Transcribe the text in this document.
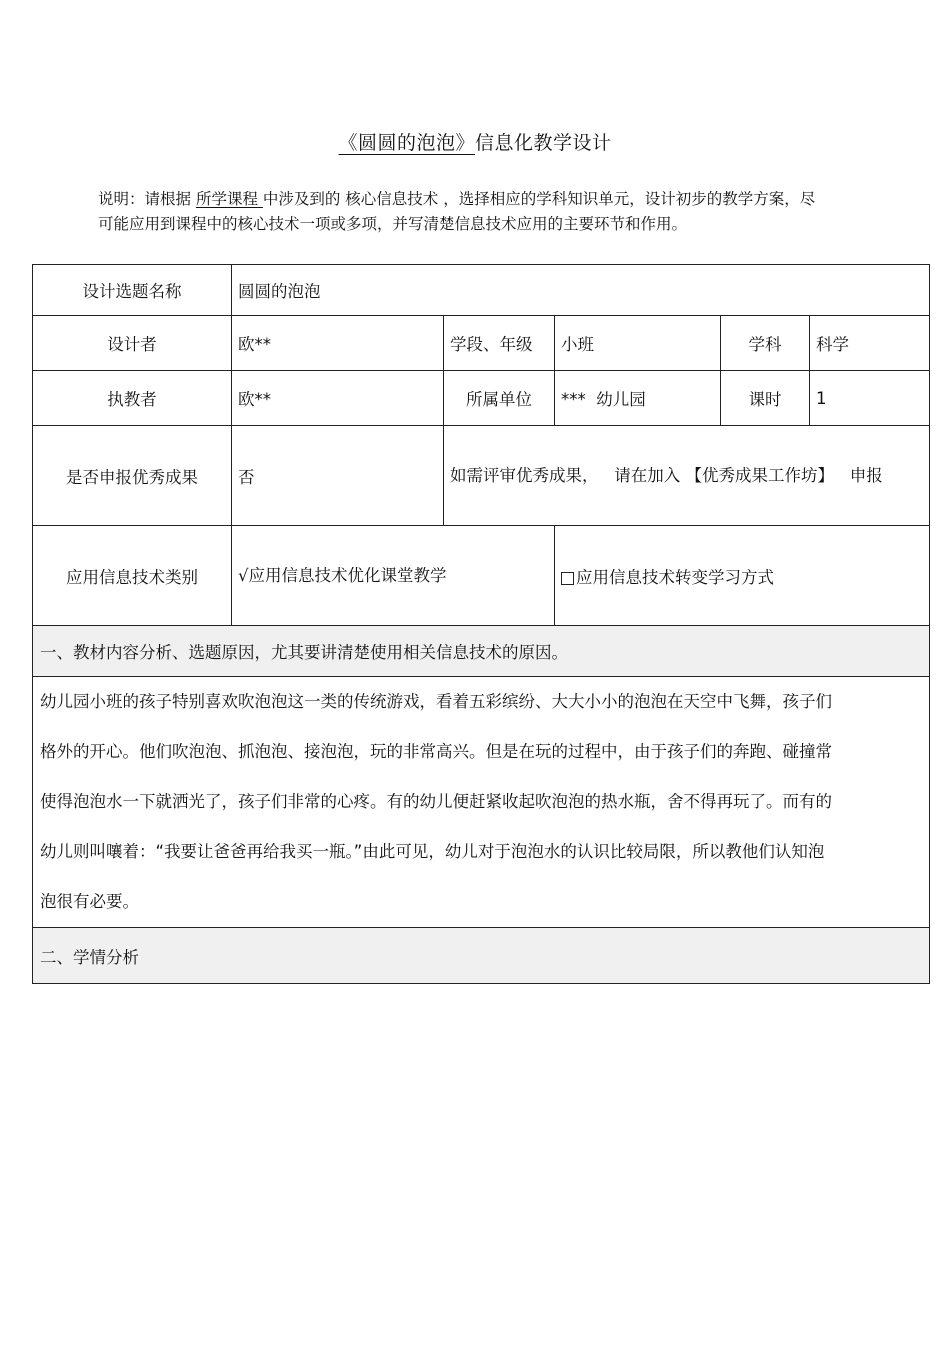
《圆圆的泡泡》信息化教学设计
说明：请根据 所学课程 中涉及到的 核心信息技术 ，选择相应的学科知识单元，设计初步的教学方案，尽可能应用到课程中的核心技术一项或多项，并写清楚信息技术应用的主要环节和作用。
设计选题名称	圆圆的泡泡				
设计者	欧**	学段、年级	小班	学科	科学
执教者	欧**	所属单位	***  幼儿园	课时	1
是否申报优秀成果	否	如需评审优秀成果，   请在加入 【优秀成果工作坊】   申报			
应用信息技术类别	√应用信息技术优化课堂教学		应用信息技术转变学习方式		
一、教材内容分析、选题原因，尤其要讲清楚使用相关信息技术的原因。					
幼儿园小班的孩子特别喜欢吹泡泡这一类的传统游戏，看着五彩缤纷、大大小小的泡泡在天空中飞舞，孩子们格外的开心。他们吹泡泡、抓泡泡、接泡泡，玩的非常高兴。但是在玩的过程中，由于孩子们的奔跑、碰撞常使得泡泡水一下就洒光了，孩子们非常的心疼。有的幼儿便赶紧收起吹泡泡的热水瓶，舍不得再玩了。而有的幼儿则叫嚷着：“我要让爸爸再给我买一瓶。”由此可见，幼儿对于泡泡水的认识比较局限，所以教他们认知泡泡很有必要。					
二、学情分析					
